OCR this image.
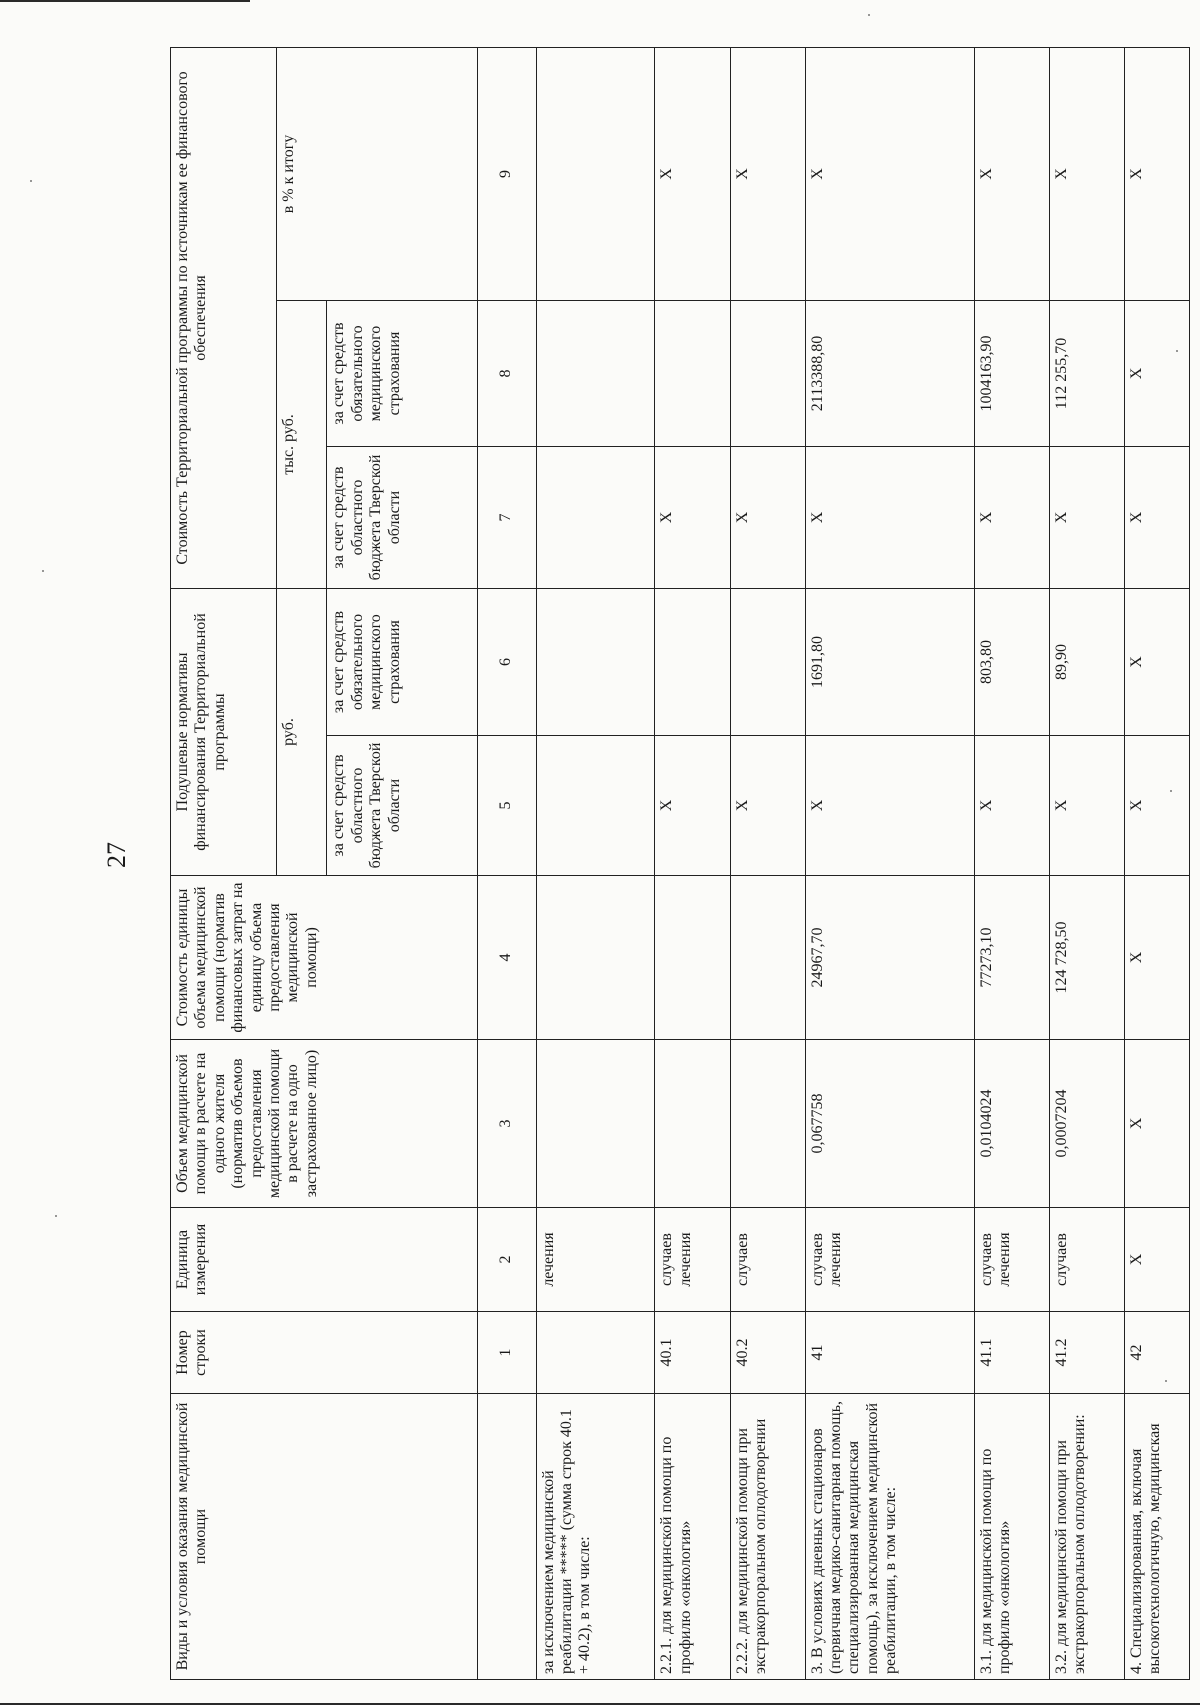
27
Виды и условия оказания медицинской помощи	Номер строки	Единица измерения	Объем медицинской помощи в расчете на одного жителя (норматив объемов предоставления медицинской помощи в расчете на одно застрахованное лицо)	Стоимость единицы объема медицинской помощи (норматив финансовых затрат на единицу объема предоставления медицинской помощи)	Подушевые нормативы финансирования Территориальной программы		Стоимость Территориальной программы по источникам ее финансового обеспечения		
					руб.		тыс. руб.		в % к итогу
					за счет средств областного бюджета Тверской области	за счет средств обязательного медицинского страхования	за счет средств областного бюджета Тверской области	за счет средств обязательного медицинского страхования	
	1	2	3	4	5	6	7	8	9
за исключением медицинской реабилитации ***** (сумма строк 40.1 + 40.2), в том числе:		лечения							
2.2.1. для медицинской помощи по профилю «онкология»	40.1	случаев лечения			Х		Х		Х
2.2.2. для медицинской помощи при экстракорпоральном оплодотворении	40.2	случаев			Х		Х		Х
3. В условиях дневных стационаров (первичная медико-санитарная помощь, специализированная медицинская помощь), за исключением медицинской реабилитации, в том числе:	41	случаев лечения	0,067758	24967,70	Х	1691,80	Х	2113388,80	Х
3.1. для медицинской помощи по профилю «онкология»	41.1	случаев лечения	0,0104024	77273,10	Х	803,80	Х	1004163,90	Х
3.2. для медицинской помощи при экстракорпоральном оплодотворении:	41.2	случаев	0,0007204	124 728,50	Х	89,90	Х	112 255,70	Х
4. Специализированная, включая высокотехнологичную, медицинская	42	Х	Х	Х	Х	Х	Х	Х	Х
